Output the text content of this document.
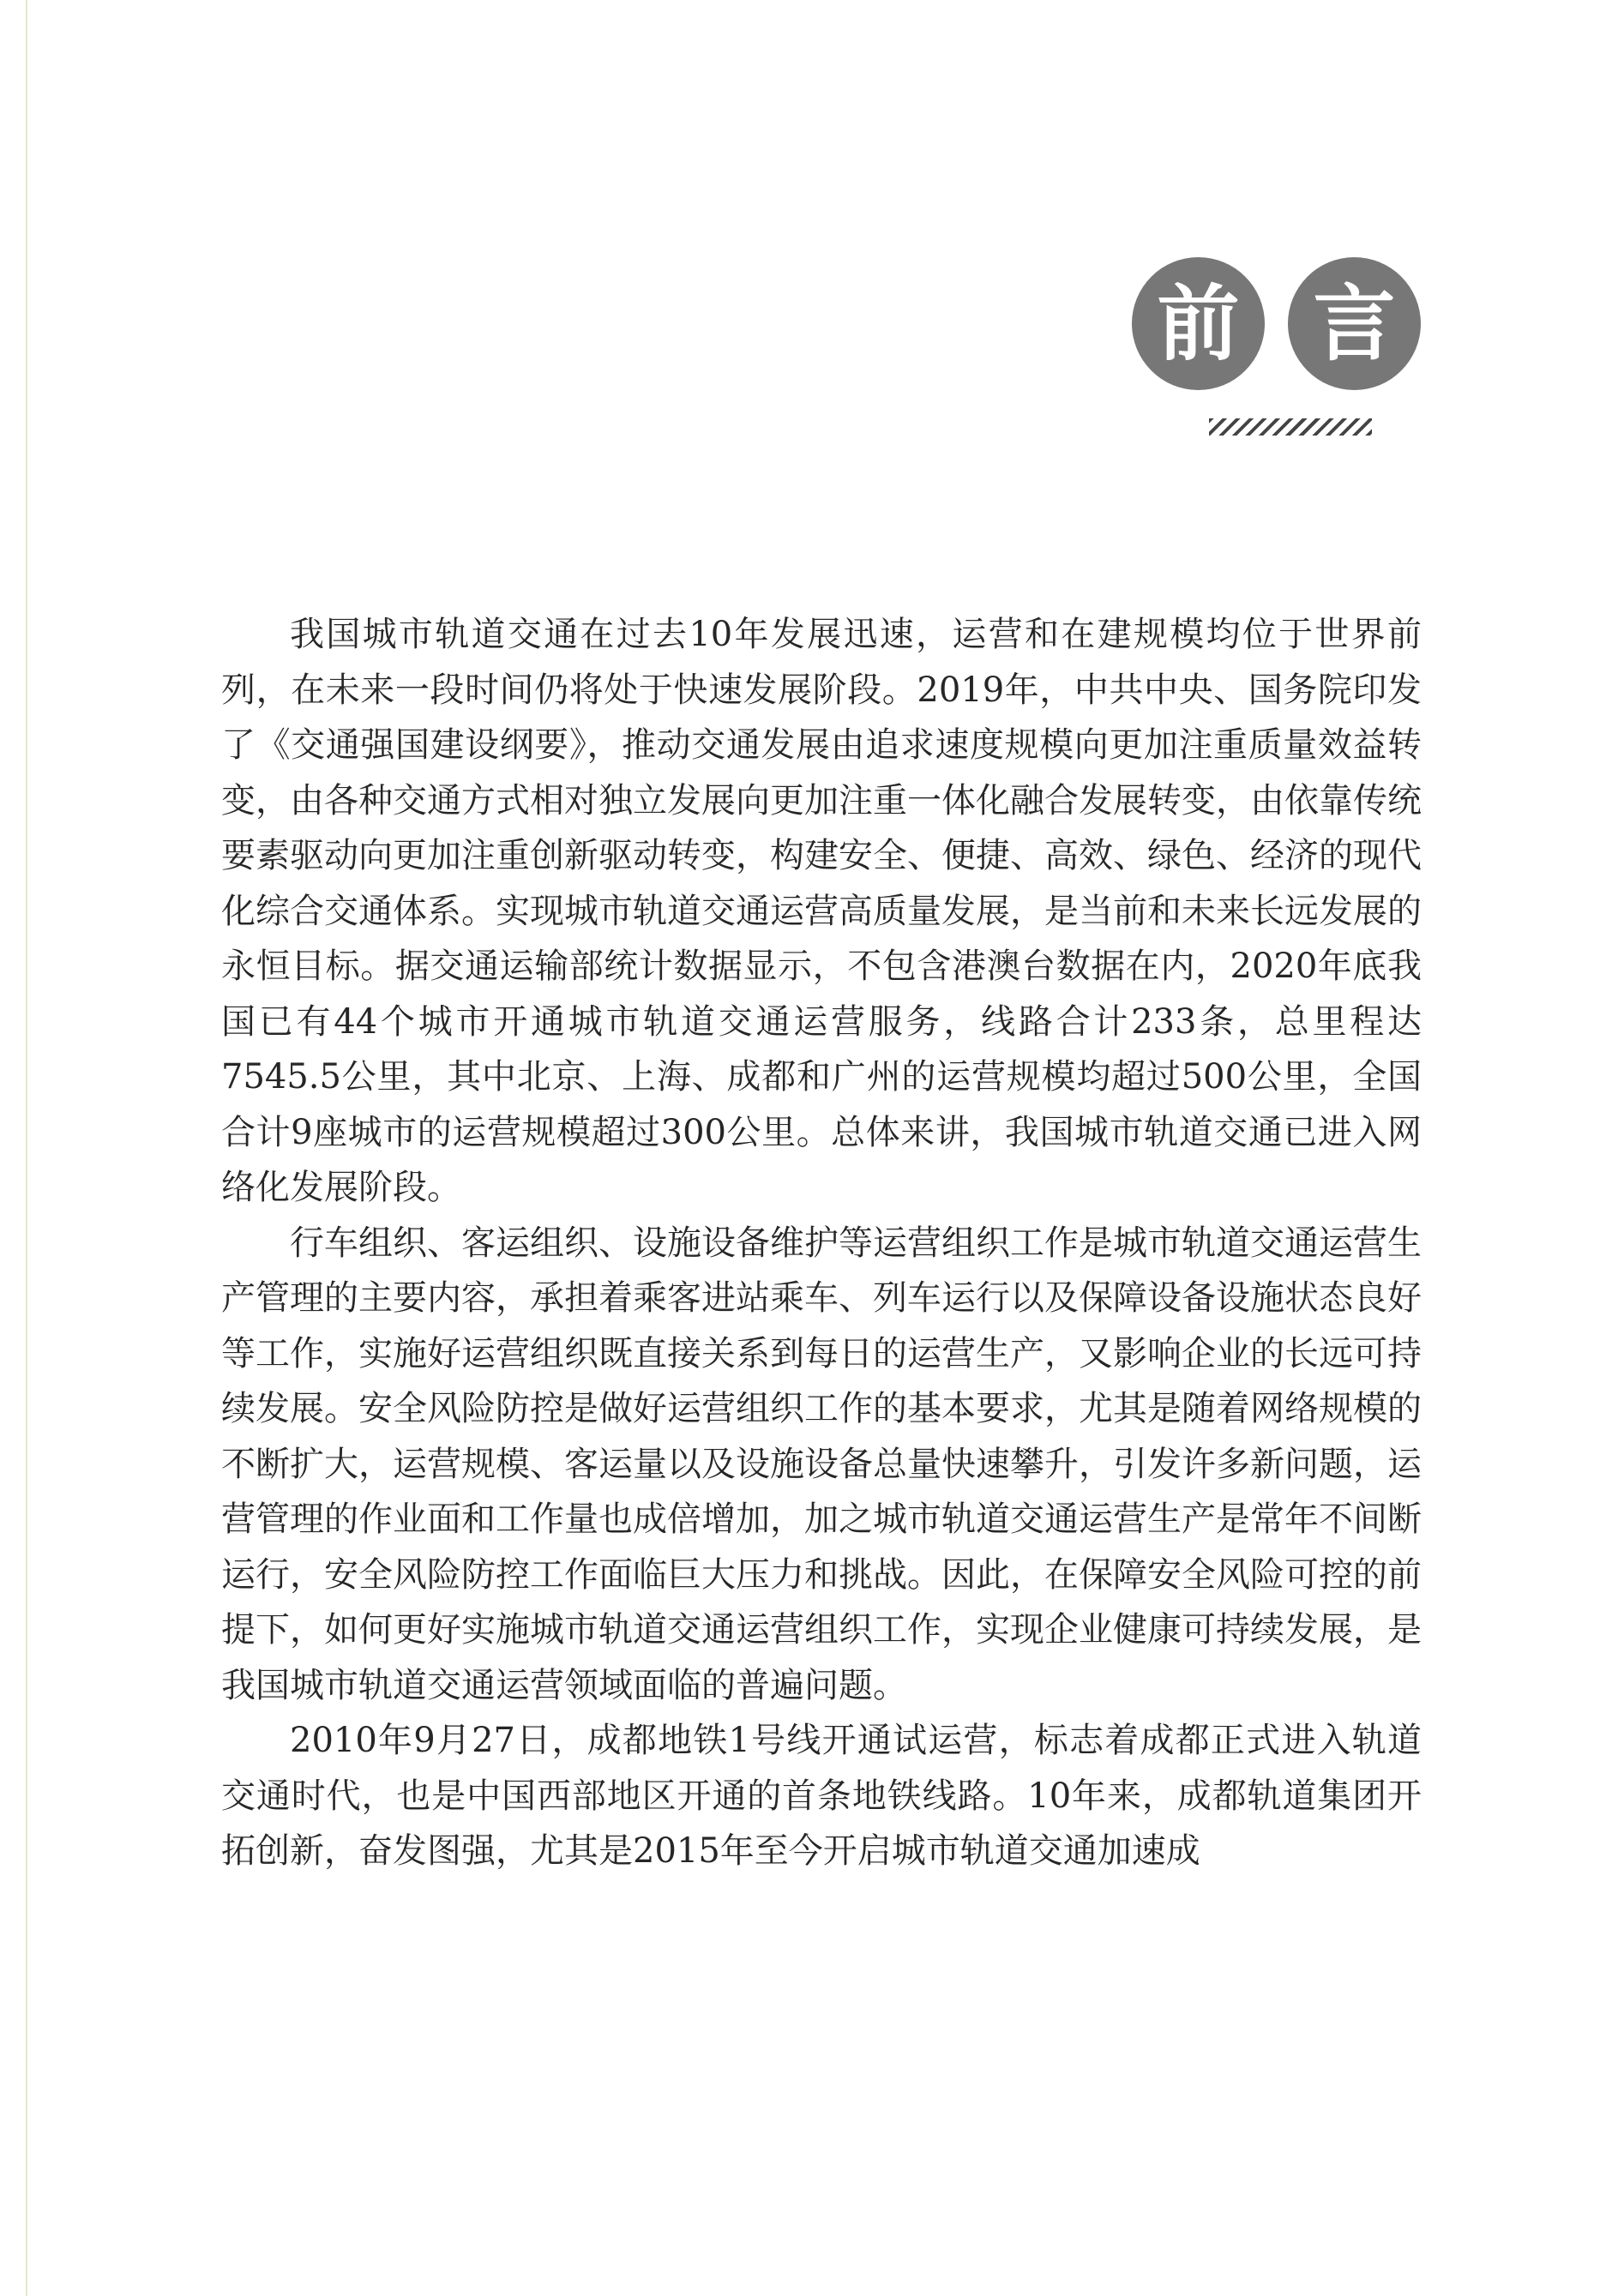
前 言

我国城市轨道交通在过去10年发展迅速，运营和在建规模均位于世界前列，在未来一段时间仍将处于快速发展阶段。2019年，中共中央、国务院印发了《交通强国建设纲要》，推动交通发展由追求速度规模向更加注重质量效益转变，由各种交通方式相对独立发展向更加注重一体化融合发展转变，由依靠传统要素驱动向更加注重创新驱动转变，构建安全、便捷、高效、绿色、经济的现代化综合交通体系。实现城市轨道交通运营高质量发展，是当前和未来长远发展的永恒目标。据交通运输部统计数据显示，不包含港澳台数据在内，2020年底我国已有44个城市开通城市轨道交通运营服务，线路合计233条，总里程达7545.5公里，其中北京、上海、成都和广州的运营规模均超过500公里，全国合计9座城市的运营规模超过300公里。总体来讲，我国城市轨道交通已进入网络化发展阶段。

行车组织、客运组织、设施设备维护等运营组织工作是城市轨道交通运营生产管理的主要内容，承担着乘客进站乘车、列车运行以及保障设备设施状态良好等工作，实施好运营组织既直接关系到每日的运营生产，又影响企业的长远可持续发展。安全风险防控是做好运营组织工作的基本要求，尤其是随着网络规模的不断扩大，运营规模、客运量以及设施设备总量快速攀升，引发许多新问题，运营管理的作业面和工作量也成倍增加，加之城市轨道交通运营生产是常年不间断运行，安全风险防控工作面临巨大压力和挑战。因此，在保障安全风险可控的前提下，如何更好实施城市轨道交通运营组织工作，实现企业健康可持续发展，是我国城市轨道交通运营领域面临的普遍问题。

2010年9月27日，成都地铁1号线开通试运营，标志着成都正式进入轨道交通时代，也是中国西部地区开通的首条地铁线路。10年来，成都轨道集团开拓创新，奋发图强，尤其是2015年至今开启城市轨道交通加速成
